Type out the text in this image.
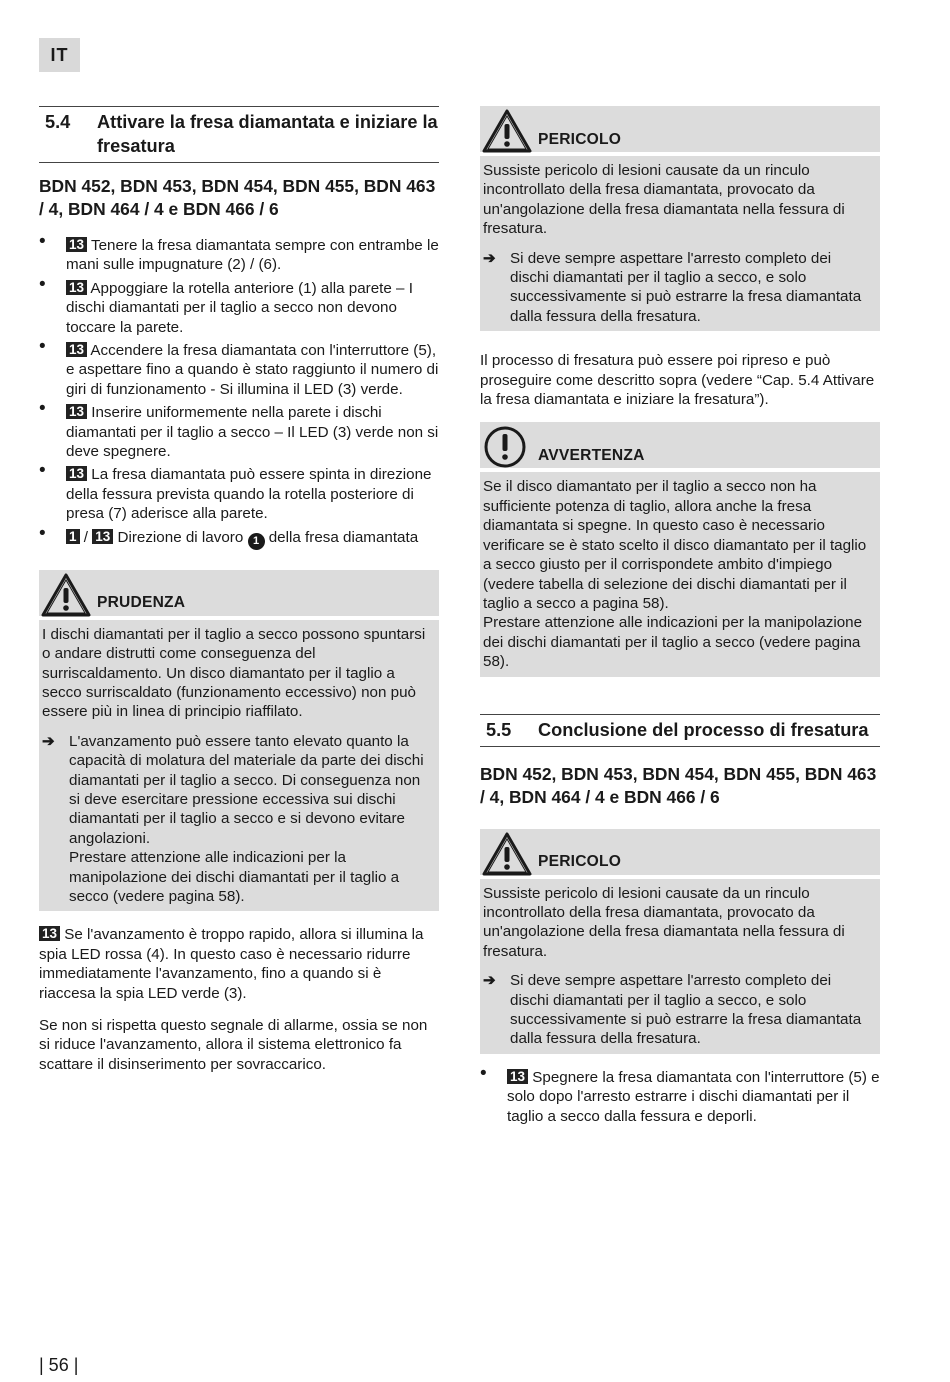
IT
5.4	Attivare la fresa diamantata e iniziare la fresatura
BDN 452, BDN 453, BDN 454, BDN 455, BDN 463 / 4, BDN 464 / 4 e BDN 466 / 6
• 13 Tenere la fresa diamantata sempre con entrambe le mani sulle impugnature (2) / (6).
• 13 Appoggiare la rotella anteriore (1) alla parete – I dischi diamantati per il taglio a secco non devono toccare la parete.
• 13 Accendere la fresa diamantata con l'interruttore (5), e aspettare fino a quando è stato raggiunto il numero di giri di funzionamento - Si illumina il LED (3) verde.
• 13 Inserire uniformemente nella parete i dischi diamantati per il taglio a secco – Il LED (3) verde non si deve spegnere.
• 13 La fresa diamantata può essere spinta in direzione della fessura prevista quando la rotella posteriore di presa (7) aderisce alla parete.
• 1 / 13 Direzione di lavoro 1 della fresa diamantata
PRUDENZA

I dischi diamantati per il taglio a secco possono spuntarsi o andare distrutti come conseguenza del surriscaldamento. Un disco diamantato per il taglio a secco surriscaldato (funzionamento eccessivo) non può essere più in linea di principio riaffilato.

➔ L'avanzamento può essere tanto elevato quanto la capacità di molatura del materiale da parte dei dischi diamantati per il taglio a secco. Di conseguenza non si deve esercitare pressione eccessiva sui dischi diamantati per il taglio a secco e si devono evitare angolazioni.
Prestare attenzione alle indicazioni per la manipolazione dei dischi diamantati per il taglio a secco (vedere pagina 58).

13 Se l'avanzamento è troppo rapido, allora si illumina la spia LED rossa (4). In questo caso è necessario ridurre immediatamente l'avanzamento, fino a quando si è riaccesa la spia LED verde (3).

Se non si rispetta questo segnale di allarme, ossia se non si riduce l'avanzamento, allora il sistema elettronico fa scattare il disinserimento per sovraccarico.

PERICOLO

Sussiste pericolo di lesioni causate da un rinculo incontrollato della fresa diamantata, provocato da un'angolazione della fresa diamantata nella fessura di fresatura.

➔ Si deve sempre aspettare l'arresto completo dei dischi diamantati per il taglio a secco, e solo successivamente si può estrarre la fresa diamantata dalla fessura della fresatura.

Il processo di fresatura può essere poi ripreso e può proseguire come descritto sopra (vedere “Cap. 5.4 Attivare la fresa diamantata e iniziare la fresatura”).

AVVERTENZA

Se il disco diamantato per il taglio a secco non ha sufficiente potenza di taglio, allora anche la fresa diamantata si spegne. In questo caso è necessario verificare se è stato scelto il disco diamantato per il taglio a secco giusto per il corrispondete ambito d'impiego (vedere tabella di selezione dei dischi diamantati per il taglio a secco a pagina 58).

Prestare attenzione alle indicazioni per la manipolazione dei dischi diamantati per il taglio a secco (vedere pagina 58).

5.5	Conclusione del processo di fresatura
BDN 452, BDN 453, BDN 454, BDN 455, BDN 463 / 4, BDN 464 / 4 e BDN 466 / 6
PERICOLO

Sussiste pericolo di lesioni causate da un rinculo incontrollato della fresa diamantata, provocato da un'angolazione della fresa diamantata nella fessura di fresatura.

➔ Si deve sempre aspettare l'arresto completo dei dischi diamantati per il taglio a secco, e solo successivamente si può estrarre la fresa diamantata dalla fessura della fresatura.
• 13 Spegnere la fresa diamantata con l'interruttore (5) e solo dopo l'arresto estrarre i dischi diamantati per il taglio a secco dalla fessura e deporli.
| 56 |
